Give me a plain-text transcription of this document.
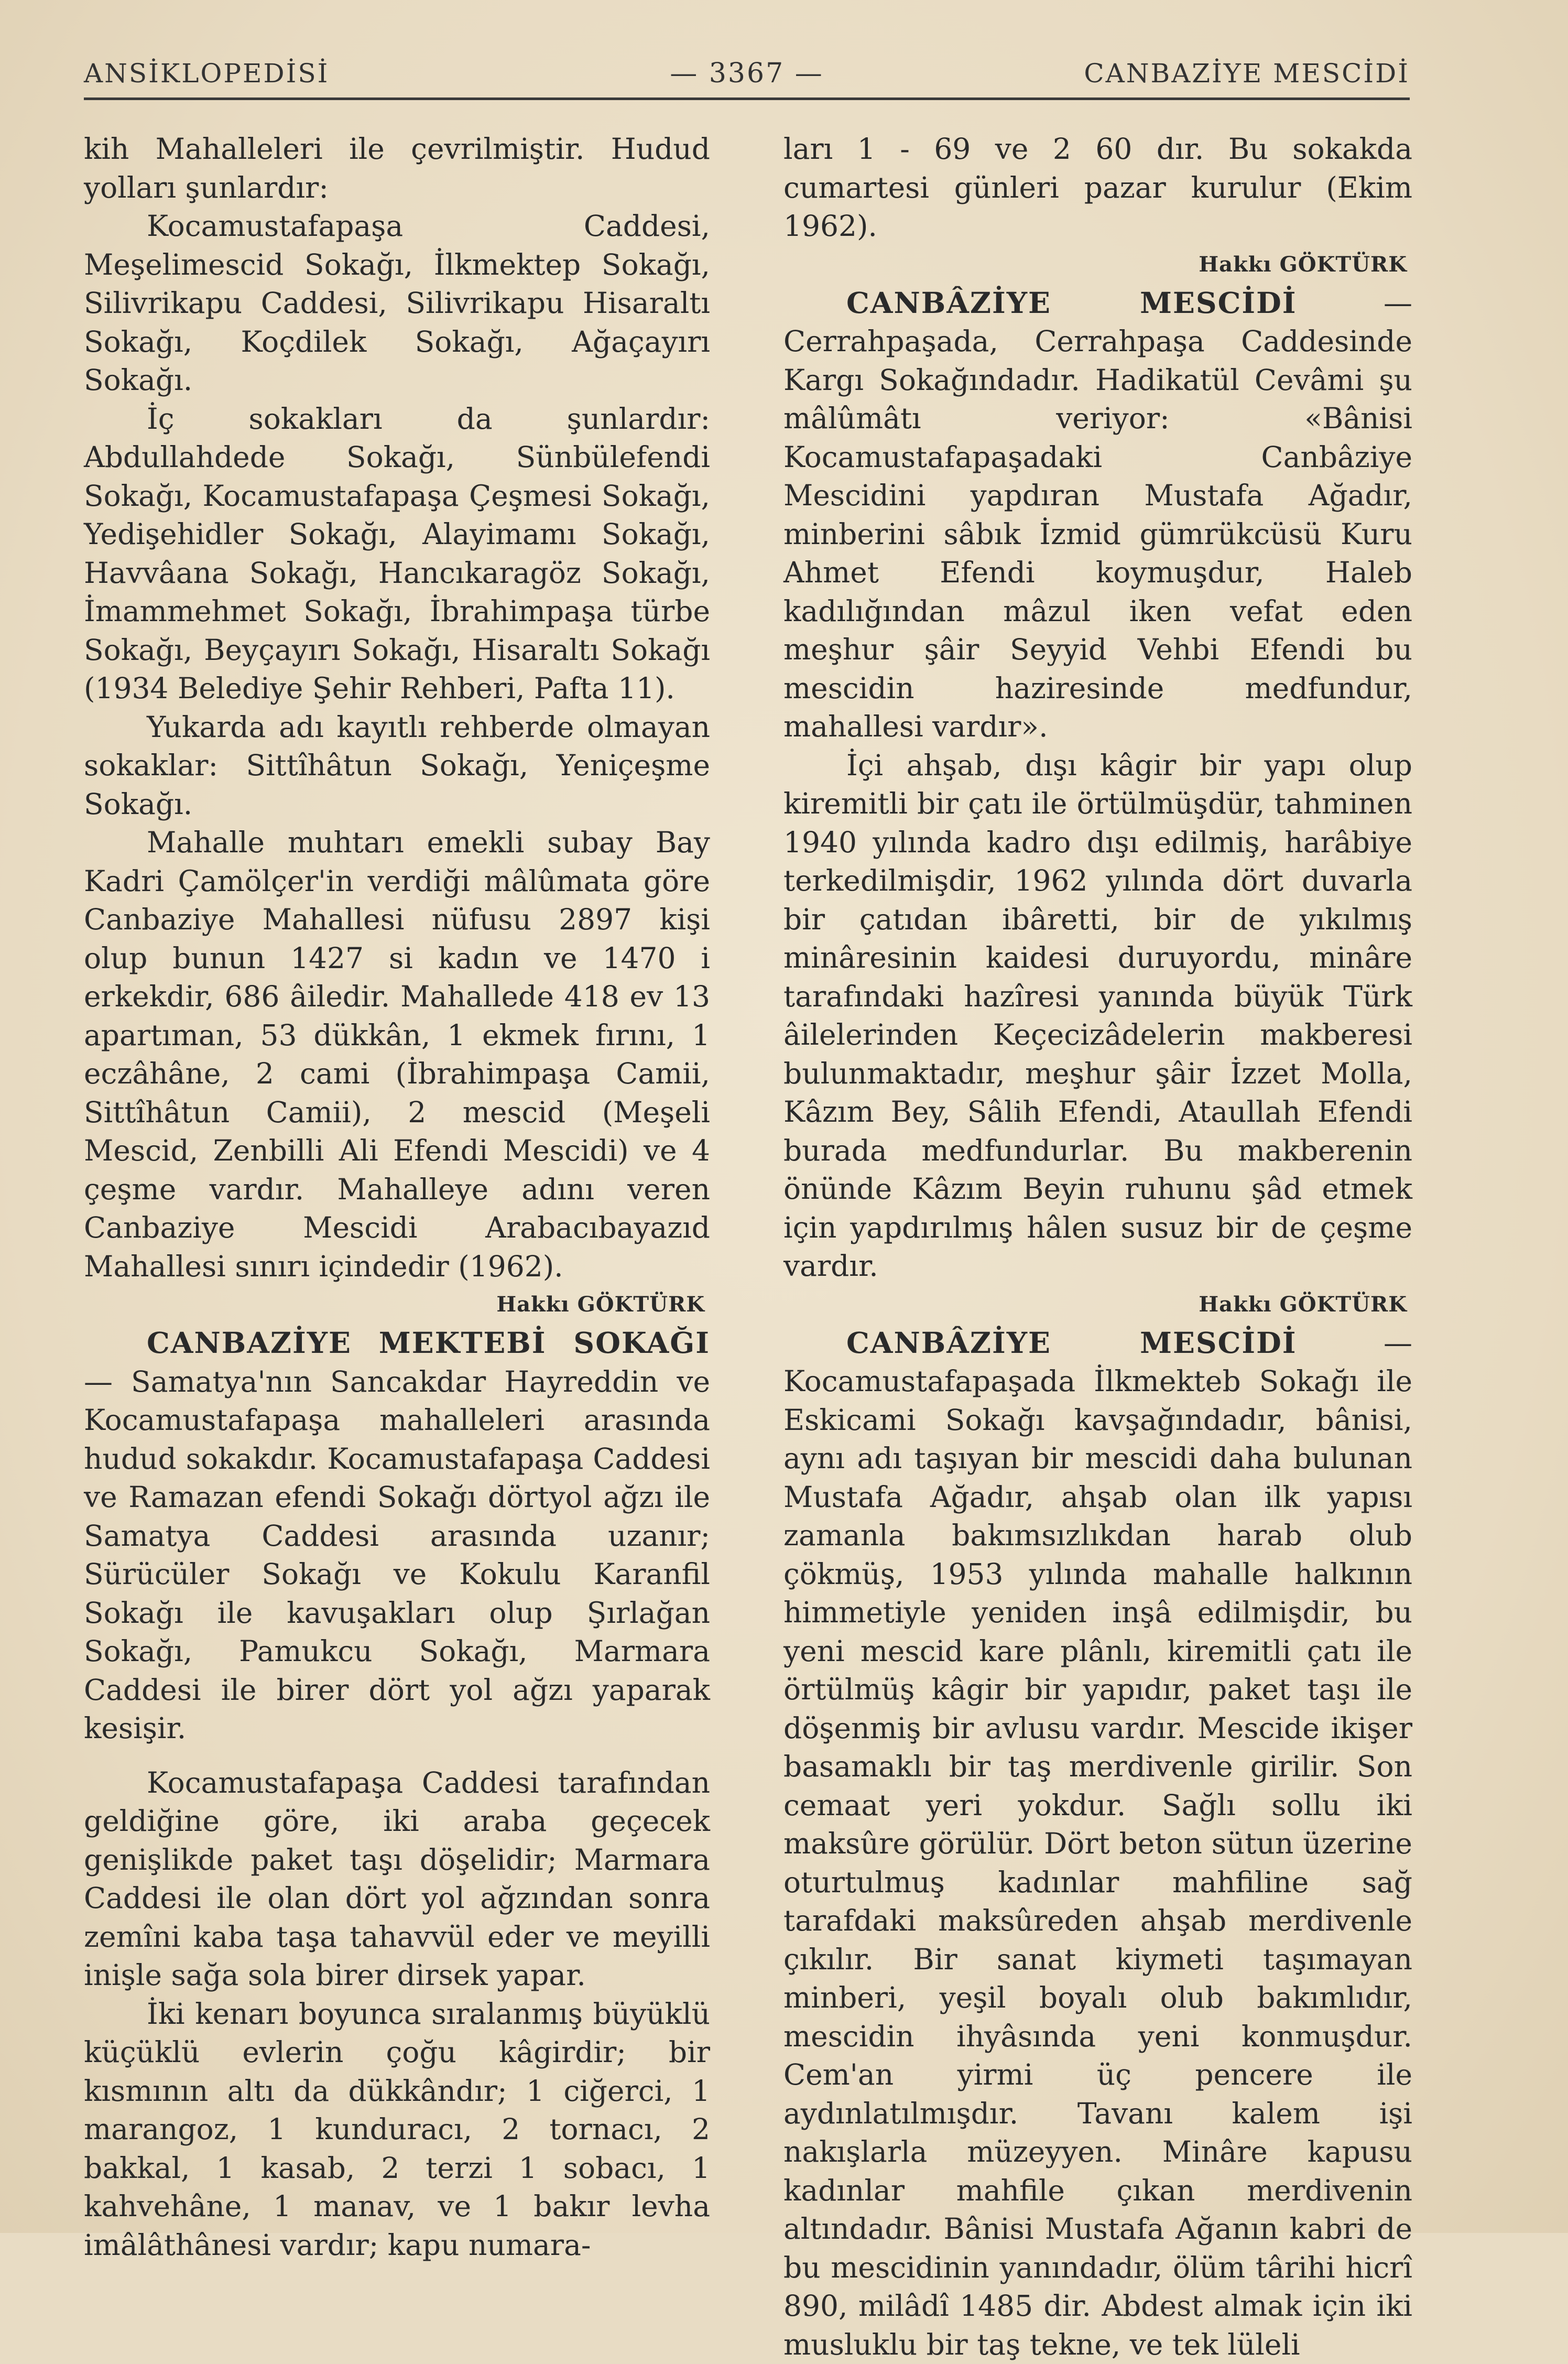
ANSİKLOPEDİSİ	— 3367 —	CANBAZİYE MESCİDİ

kih Mahalleleri ile çevrilmiştir. Hudud yolları şunlardır:

Kocamustafapaşa Caddesi, Meşelimescid Sokağı, İlkmektep Sokağı, Silivrikapu Caddesi, Silivrikapu Hisaraltı Sokağı, Koçdilek Sokağı, Ağaçayırı Sokağı.

İç sokakları da şunlardır: Abdullahdede Sokağı, Sünbülefendi Sokağı, Kocamustafapaşa Çeşmesi Sokağı, Yedişehidler Sokağı, Alayimamı Sokağı, Havvâana Sokağı, Hancıkaragöz Sokağı, İmammehmet Sokağı, İbrahimpaşa türbe Sokağı, Beyçayırı Sokağı, Hisaraltı Sokağı (1934 Belediye Şehir Rehberi, Pafta 11).

Yukarda adı kayıtlı rehberde olmayan sokaklar: Sittîhâtun Sokağı, Yeniçeşme Sokağı.

Mahalle muhtarı emekli subay Bay Kadri Çamölçer'in verdiği mâlûmata göre Canbaziye Mahallesi nüfusu 2897 kişi olup bunun 1427 si kadın ve 1470 i erkekdir, 686 âiledir. Mahallede 418 ev 13 apartıman, 53 dükkân, 1 ekmek fırını, 1 eczâhâne, 2 cami (İbrahimpaşa Camii, Sittîhâtun Camii), 2 mescid (Meşeli Mescid, Zenbilli Ali Efendi Mescidi) ve 4 çeşme vardır. Mahalleye adını veren Canbaziye Mescidi Arabacıbayazıd Mahallesi sınırı içindedir (1962).

Hakkı GÖKTÜRK

CANBAZİYE MEKTEBİ SOKAĞI — Samatya'nın Sancakdar Hayreddin ve Kocamustafapaşa mahalleleri arasında hudud sokakdır. Kocamustafapaşa Caddesi ve Ramazan efendi Sokağı dörtyol ağzı ile Samatya Caddesi arasında uzanır; Sürücüler Sokağı ve Kokulu Karanfil Sokağı ile kavuşakları olup Şırlağan Sokağı, Pamukcu Sokağı, Marmara Caddesi ile birer dört yol ağzı yaparak kesişir.

Kocamustafapaşa Caddesi tarafından geldiğine göre, iki araba geçecek genişlikde paket taşı döşelidir; Marmara Caddesi ile olan dört yol ağzından sonra zemîni kaba taşa tahavvül eder ve meyilli inişle sağa sola birer dirsek yapar.

İki kenarı boyunca sıralanmış büyüklü küçüklü evlerin çoğu kâgirdir; bir kısmının altı da dükkândır; 1 ciğerci, 1 marangoz, 1 kunduracı, 2 tornacı, 2 bakkal, 1 kasab, 2 terzi 1 sobacı, 1 kahvehâne, 1 manav, ve 1 bakır levha imâlâthânesi vardır; kapu numara-

ları 1 - 69 ve 2 60 dır. Bu sokakda cumartesi günleri pazar kurulur (Ekim 1962).

Hakkı GÖKTÜRK

CANBÂZİYE MESCİDİ — Cerrahpaşada, Cerrahpaşa Caddesinde Kargı Sokağındadır. Hadikatül Cevâmi şu mâlûmâtı veriyor: «Bânisi Kocamustafapaşadaki Canbâziye Mescidini yapdıran Mustafa Ağadır, minberini sâbık İzmid gümrükcüsü Kuru Ahmet Efendi koymuşdur, Haleb kadılığından mâzul iken vefat eden meşhur şâir Seyyid Vehbi Efendi bu mescidin haziresinde medfundur, mahallesi vardır».

İçi ahşab, dışı kâgir bir yapı olup kiremitli bir çatı ile örtülmüşdür, tahminen 1940 yılında kadro dışı edilmiş, harâbiye terkedilmişdir, 1962 yılında dört duvarla bir çatıdan ibâretti, bir de yıkılmış minâresinin kaidesi duruyordu, minâre tarafındaki hazîresi yanında büyük Türk âilelerinden Keçecizâdelerin makberesi bulunmaktadır, meşhur şâir İzzet Molla, Kâzım Bey, Sâlih Efendi, Ataullah Efendi burada medfundurlar. Bu makberenin önünde Kâzım Beyin ruhunu şâd etmek için yapdırılmış hâlen susuz bir de çeşme vardır.

Hakkı GÖKTÜRK

CANBÂZİYE MESCİDİ — Kocamustafapaşada İlkmekteb Sokağı ile Eskicami Sokağı kavşağındadır, bânisi, aynı adı taşıyan bir mescidi daha bulunan Mustafa Ağadır, ahşab olan ilk yapısı zamanla bakımsızlıkdan harab olub çökmüş, 1953 yılında mahalle halkının himmetiyle yeniden inşâ edilmişdir, bu yeni mescid kare plânlı, kiremitli çatı ile örtülmüş kâgir bir yapıdır, paket taşı ile döşenmiş bir avlusu vardır. Mescide ikişer basamaklı bir taş merdivenle girilir. Son cemaat yeri yokdur. Sağlı sollu iki maksûre görülür. Dört beton sütun üzerine oturtulmuş kadınlar mahfiline sağ tarafdaki maksûreden ahşab merdivenle çıkılır. Bir sanat kiymeti taşımayan minberi, yeşil boyalı olub bakımlıdır, mescidin ihyâsında yeni konmuşdur. Cem'an yirmi üç pencere ile aydınlatılmışdır. Tavanı kalem işi nakışlarla müzeyyen. Minâre kapusu kadınlar mahfile çıkan merdivenin altındadır. Bânisi Mustafa Ağanın kabri de bu mescidinin yanındadır, ölüm târihi hicrî 890, milâdî 1485 dir. Abdest almak için iki musluklu bir taş tekne, ve tek lüleli
